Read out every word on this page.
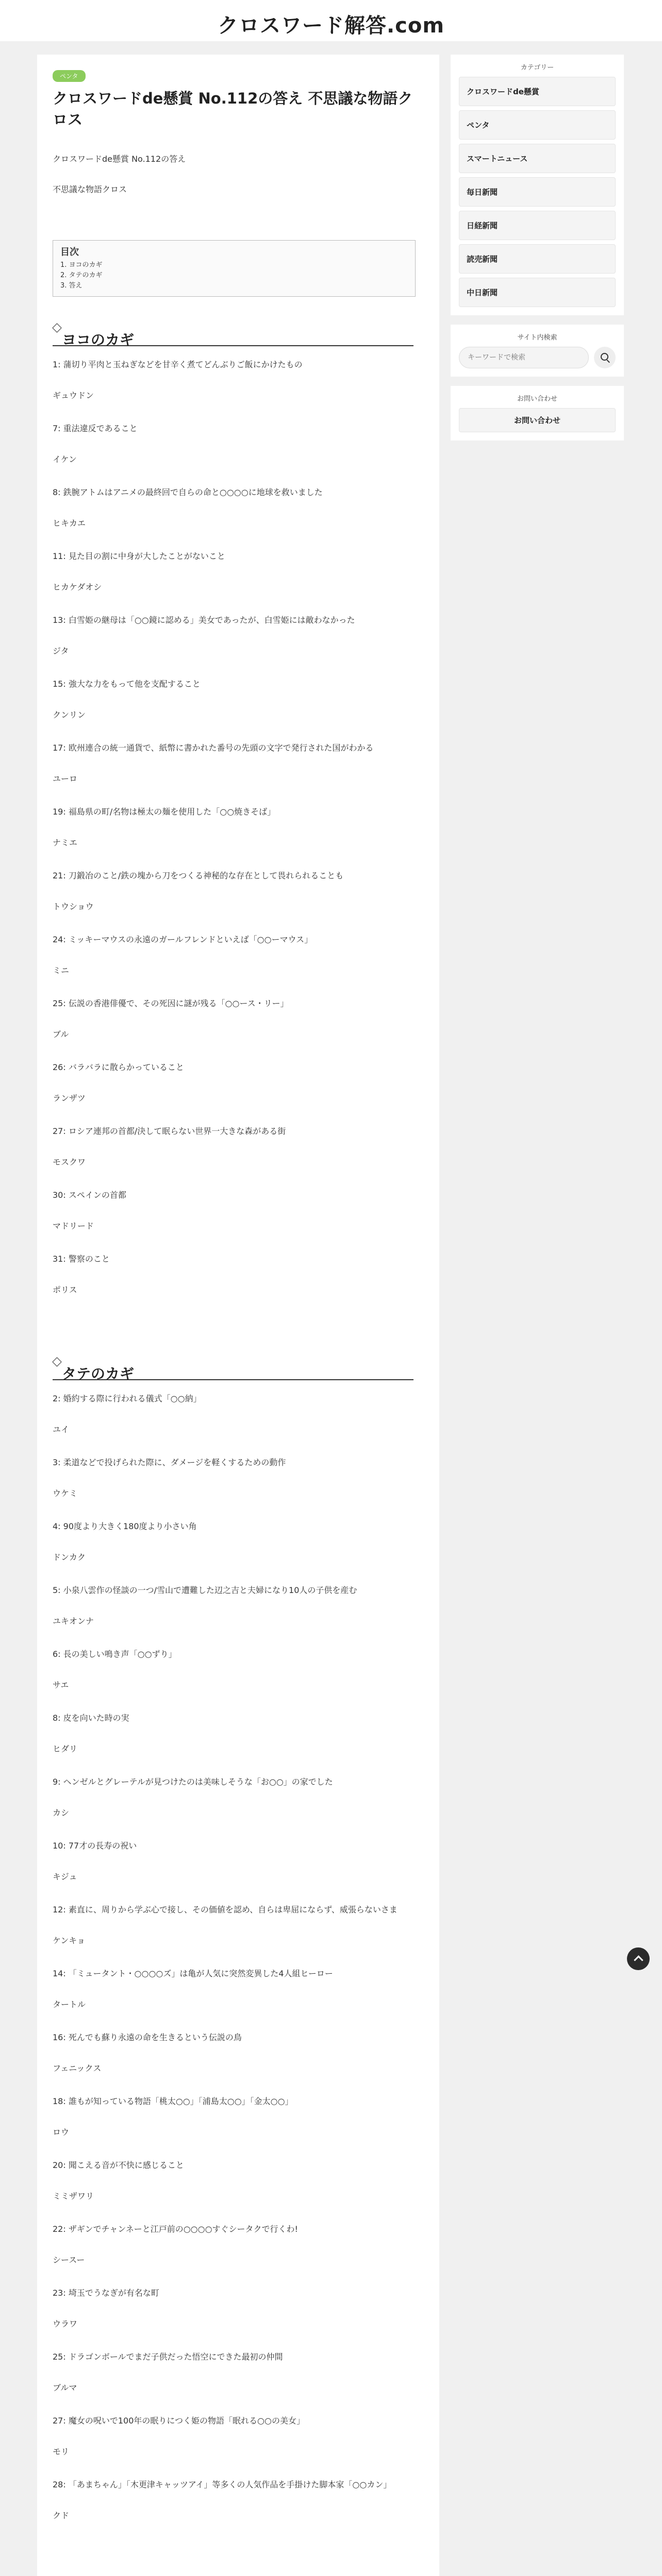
クロスワード解答.com
ペンタ
クロスワードde懸賞 No.112の答え 不思議な物語クロス

クロスワードde懸賞 No.112の答え

不思議な物語クロス

目次
1. ヨコのカギ
2. タテのカギ
3. 答え
ヨコのカギ
1: 蒲切り平肉と玉ねぎなどを甘辛く煮てどんぶりご飯にかけたもの
ギュウドン
7: 重法違反であること
イケン
8: 鉄腕アトムはアニメの最終回で自らの命と○○○○に地球を救いました
ヒキカエ
11: 見た目の割に中身が大したことがないこと
ヒカケダオシ
13: 白雪姫の継母は「○○鏡に認める」美女であったが、白雪姫には敵わなかった
ジタ
15: 強大な力をもって他を支配すること
クンリン
17: 欧州連合の統一通貨で、紙幣に書かれた番号の先頭の文字で発行された国がわかる
ユーロ
19: 福島県の町/名物は極太の麺を使用した「○○焼きそば」
ナミエ
21: 刀鍛冶のこと/鉄の塊から刀をつくる神秘的な存在として畏れられることも
トウショウ
24: ミッキーマウスの永遠のガールフレンドといえば「○○ーマウス」
ミニ
25: 伝説の香港俳優で、その死因に謎が残る「○○ース・リー」
ブル
26: バラバラに散らかっていること
ランザツ
27: ロシア連邦の首都/決して眠らない世界一大きな森がある街
モスクワ
30: スペインの首都
マドリード
31: 警察のこと
ポリス
タテのカギ
2: 婚約する際に行われる儀式「○○納」
ユイ
3: 柔道などで投げられた際に、ダメージを軽くするための動作
ウケミ
4: 90度より大きく180度より小さい角
ドンカク
5: 小泉八雲作の怪談の一つ/雪山で遭難した辺之吉と夫婦になり10人の子供を産む
ユキオンナ
6: 長の美しい鳴き声「○○ずり」
サエ
8: 皮を向いた時の実
ヒダリ
9: ヘンゼルとグレーテルが見つけたのは美味しそうな「お○○」の家でした
カシ
10: 77才の長寿の祝い
キジュ
12: 素直に、周りから学ぶ心で接し、その価値を認め、自らは卑屈にならず、威張らないさま
ケンキョ
14: 「ミュータント・○○○○ズ」は亀が人気に突然変異した4人組ヒーロー
タートル
16: 死んでも蘇り永遠の命を生きるという伝説の鳥
フェニックス
18: 誰もが知っている物語「桃太○○」「浦島太○○」「金太○○」
ロウ
20: 聞こえる音が不快に感じること
ミミザワリ
22: ザギンでチャンネーと江戸前の○○○○すぐシータクで行くわ!
シースー
23: 埼玉でうなぎが有名な町
ウラワ
25: ドラゴンボールでまだ子供だった悟空にできた最初の仲間
ブルマ
27: 魔女の呪いで100年の眠りにつく姫の物語「眠れる○○の美女」
モリ
28: 「あまちゃん」「木更津キャッツアイ」等多くの人気作品を手掛けた脚本家「○○カン」
クド
カテゴリー
クロスワードde懸賞
ペンタ
スマートニュース
毎日新聞
日経新聞
読売新聞
中日新聞
サイト内検索
キーワードで検索
お問い合わせ
お問い合わせ
